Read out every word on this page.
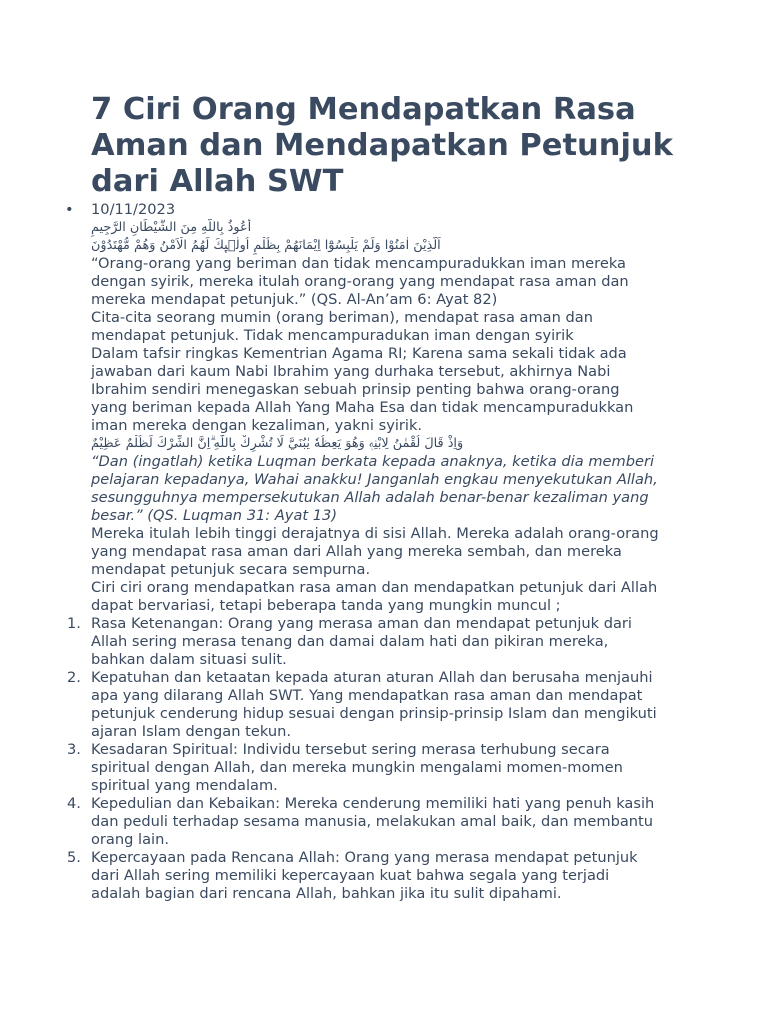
7 Ciri Orang Mendapatkan Rasa
Aman dan Mendapatkan Petunjuk
dari Allah SWT
• 10/11/2023
أَعُوذُ بِاللَّهِ مِنَ الشَّيْطَانِ الرَّجِيمِ
اَلَّذِيْنَ اٰمَنُوْا وَلَمْ يَلْبِسُوْٓا اِيْمَانَهُمْ بِظُلْمٍ اُولٰۤىِٕكَ لَهُمُ الْاَمْنُ وَهُمْ مُّهْتَدُوْنَ
“Orang-orang yang beriman dan tidak mencampuradukkan iman mereka
dengan syirik, mereka itulah orang-orang yang mendapat rasa aman dan
mereka mendapat petunjuk.” (QS. Al-An’am 6: Ayat 82)
Cita-cita seorang mumin (orang beriman), mendapat rasa aman dan
mendapat petunjuk. Tidak mencampuradukan iman dengan syirik
Dalam tafsir ringkas Kementrian Agama RI; Karena sama sekali tidak ada
jawaban dari kaum Nabi Ibrahim yang durhaka tersebut, akhirnya Nabi
Ibrahim sendiri menegaskan sebuah prinsip penting bahwa orang-orang
yang beriman kepada Allah Yang Maha Esa dan tidak mencampuradukkan
iman mereka dengan kezaliman, yakni syirik.
وَاِذْ قَالَ لُقْمٰنُ لِابْنِهٖ وَهُوَ يَعِظُهٗ يٰبُنَيَّ لَا تُشْرِكْ بِاللّٰهِ ۗاِنَّ الشِّرْكَ لَظُلْمٌ عَظِيْمٌ
“Dan (ingatlah) ketika Luqman berkata kepada anaknya, ketika dia memberi
pelajaran kepadanya, Wahai anakku! Janganlah engkau menyekutukan Allah,
sesungguhnya mempersekutukan Allah adalah benar-benar kezaliman yang
besar.” (QS. Luqman 31: Ayat 13)
Mereka itulah lebih tinggi derajatnya di sisi Allah. Mereka adalah orang-orang
yang mendapat rasa aman dari Allah yang mereka sembah, dan mereka
mendapat petunjuk secara sempurna.
Ciri ciri orang mendapatkan rasa aman dan mendapatkan petunjuk dari Allah
dapat bervariasi, tetapi beberapa tanda yang mungkin muncul ;
1. Rasa Ketenangan: Orang yang merasa aman dan mendapat petunjuk dari
Allah sering merasa tenang dan damai dalam hati dan pikiran mereka,
bahkan dalam situasi sulit.
2. Kepatuhan dan ketaatan kepada aturan aturan Allah dan berusaha menjauhi
apa yang dilarang Allah SWT. Yang mendapatkan rasa aman dan mendapat
petunjuk cenderung hidup sesuai dengan prinsip-prinsip Islam dan mengikuti
ajaran Islam dengan tekun.
3. Kesadaran Spiritual: Individu tersebut sering merasa terhubung secara
spiritual dengan Allah, dan mereka mungkin mengalami momen-momen
spiritual yang mendalam.
4. Kepedulian dan Kebaikan: Mereka cenderung memiliki hati yang penuh kasih
dan peduli terhadap sesama manusia, melakukan amal baik, dan membantu
orang lain.
5. Kepercayaan pada Rencana Allah: Orang yang merasa mendapat petunjuk
dari Allah sering memiliki kepercayaan kuat bahwa segala yang terjadi
adalah bagian dari rencana Allah, bahkan jika itu sulit dipahami.
